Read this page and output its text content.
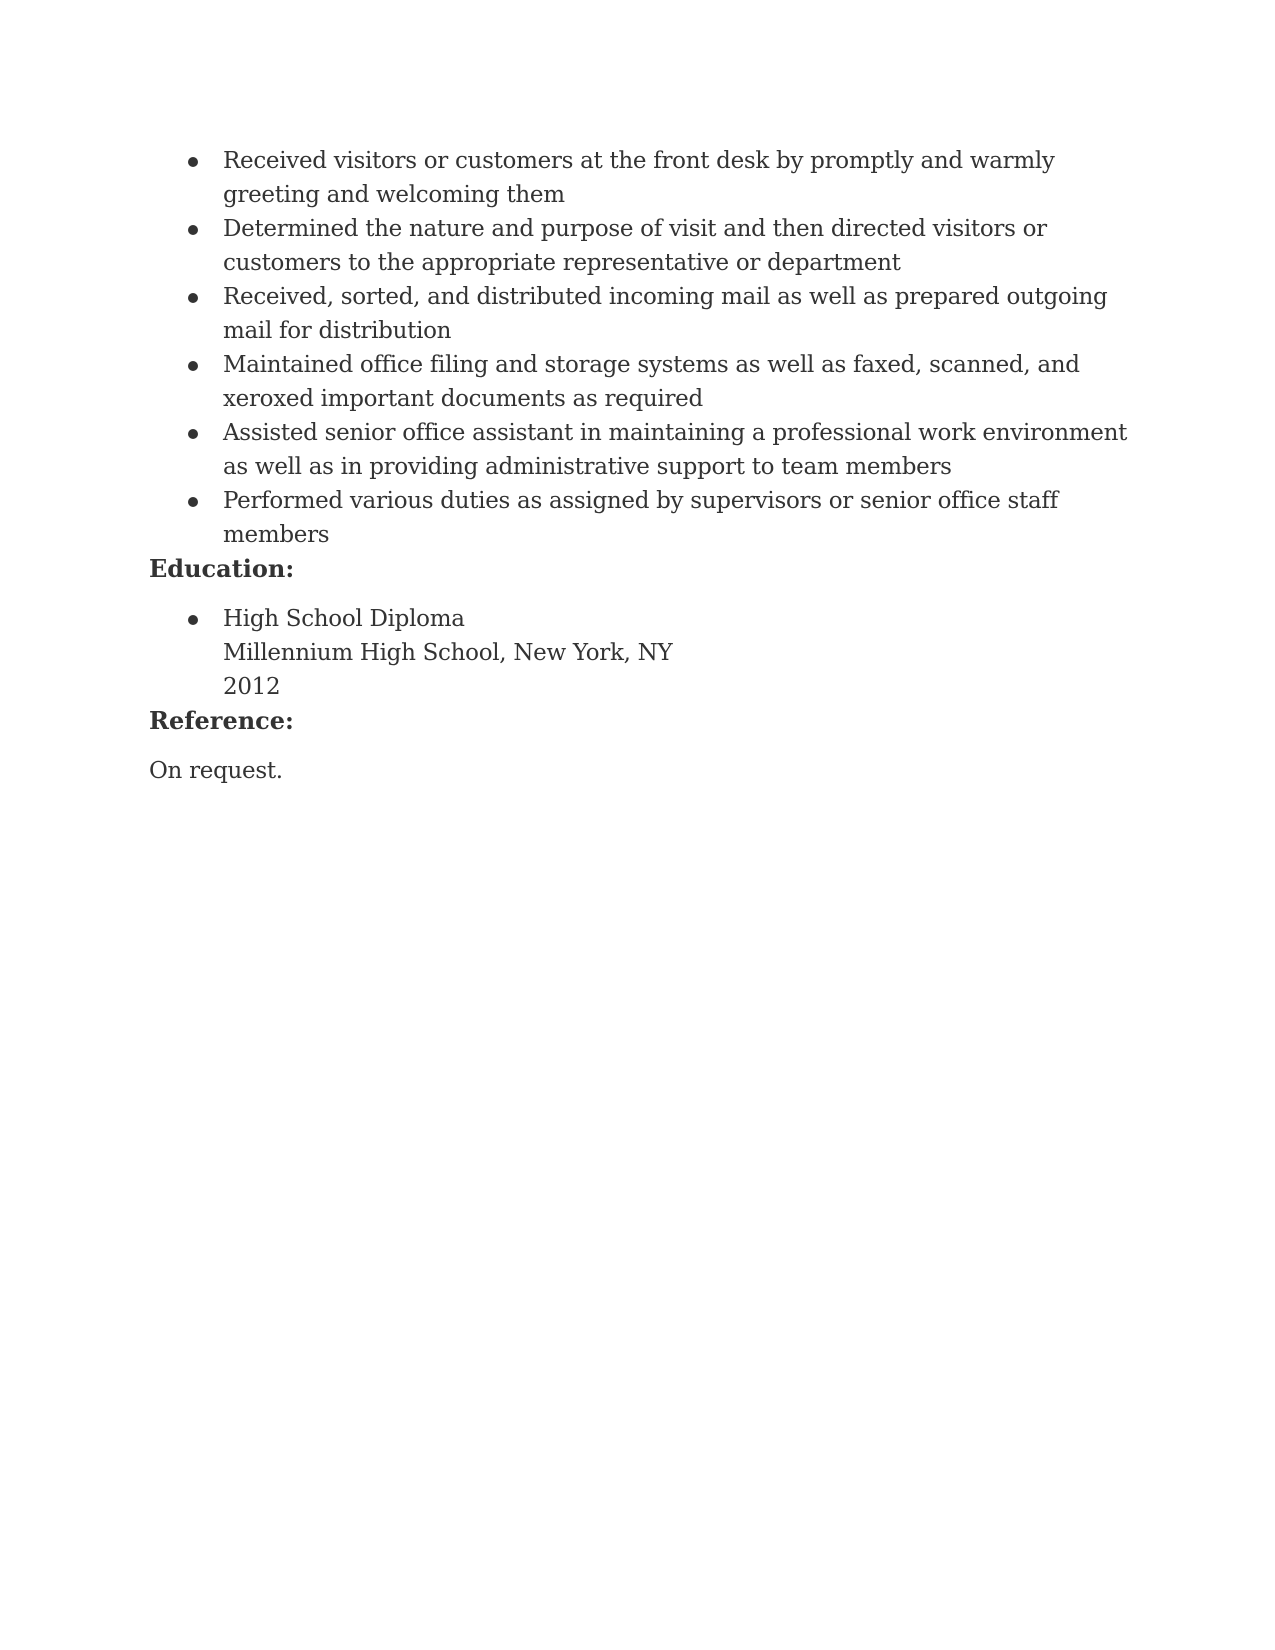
Received visitors or customers at the front desk by promptly and warmly greeting and welcoming them
Determined the nature and purpose of visit and then directed visitors or customers to the appropriate representative or department
Received, sorted, and distributed incoming mail as well as prepared outgoing mail for distribution
Maintained office filing and storage systems as well as faxed, scanned, and xeroxed important documents as required
Assisted senior office assistant in maintaining a professional work environment as well as in providing administrative support to team members
Performed various duties as assigned by supervisors or senior office staff members
Education:
High School Diploma
Millennium High School, New York, NY
2012
Reference:

On request.
